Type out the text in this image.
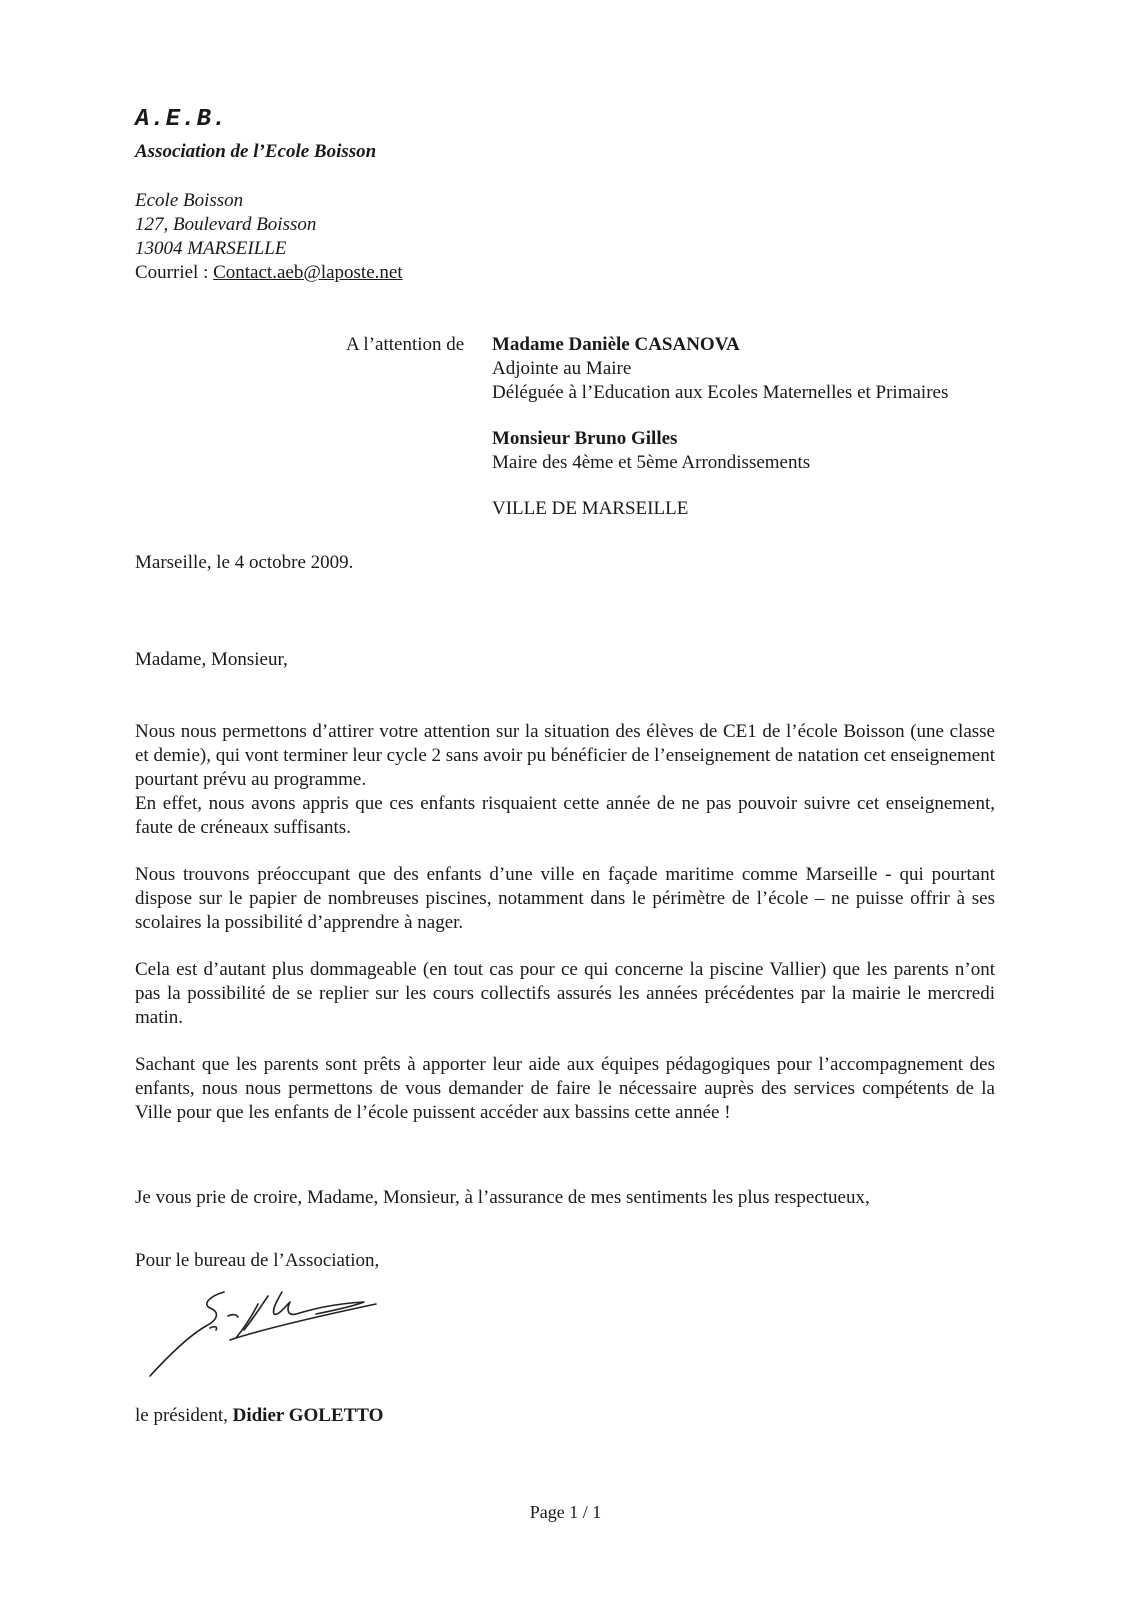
A.E.B.
Association de l’Ecole Boisson
Ecole Boisson
127, Boulevard Boisson
13004 MARSEILLE
Courriel : Contact.aeb@laposte.net
A l’attention de Madame Danièle CASANOVA
Adjointe au Maire
Déléguée à l’Education aux Ecoles Maternelles et Primaires
Monsieur Bruno Gilles
Maire des 4ème et 5ème Arrondissements
VILLE DE MARSEILLE
Marseille, le 4 octobre 2009.
Madame, Monsieur,
Nous nous permettons d’attirer votre attention sur la situation des élèves de CE1 de l’école Boisson (une classe et demie), qui vont terminer leur cycle 2 sans avoir pu bénéficier de l’enseignement de natation cet enseignement pourtant prévu au programme.
En effet, nous avons appris que ces enfants risquaient cette année de ne pas pouvoir suivre cet enseignement, faute de créneaux suffisants.
Nous trouvons préoccupant que des enfants d’une ville en façade maritime comme Marseille - qui pourtant dispose sur le papier de nombreuses piscines, notamment dans le périmètre de l’école – ne puisse offrir à ses scolaires la possibilité d’apprendre à nager.
Cela est d’autant plus dommageable (en tout cas pour ce qui concerne la piscine Vallier) que les parents n’ont pas la possibilité de se replier sur les cours collectifs assurés les années précédentes par la mairie le mercredi matin.
Sachant que les parents sont prêts à apporter leur aide aux équipes pédagogiques pour l’accompagnement des enfants, nous nous permettons de vous demander de faire le nécessaire auprès des services compétents de la Ville pour que les enfants de l’école puissent accéder aux bassins cette année !
Je vous prie de croire, Madame, Monsieur, à l’assurance de mes sentiments les plus respectueux,
Pour le bureau de l’Association,
le président, Didier GOLETTO
Page 1 / 1
